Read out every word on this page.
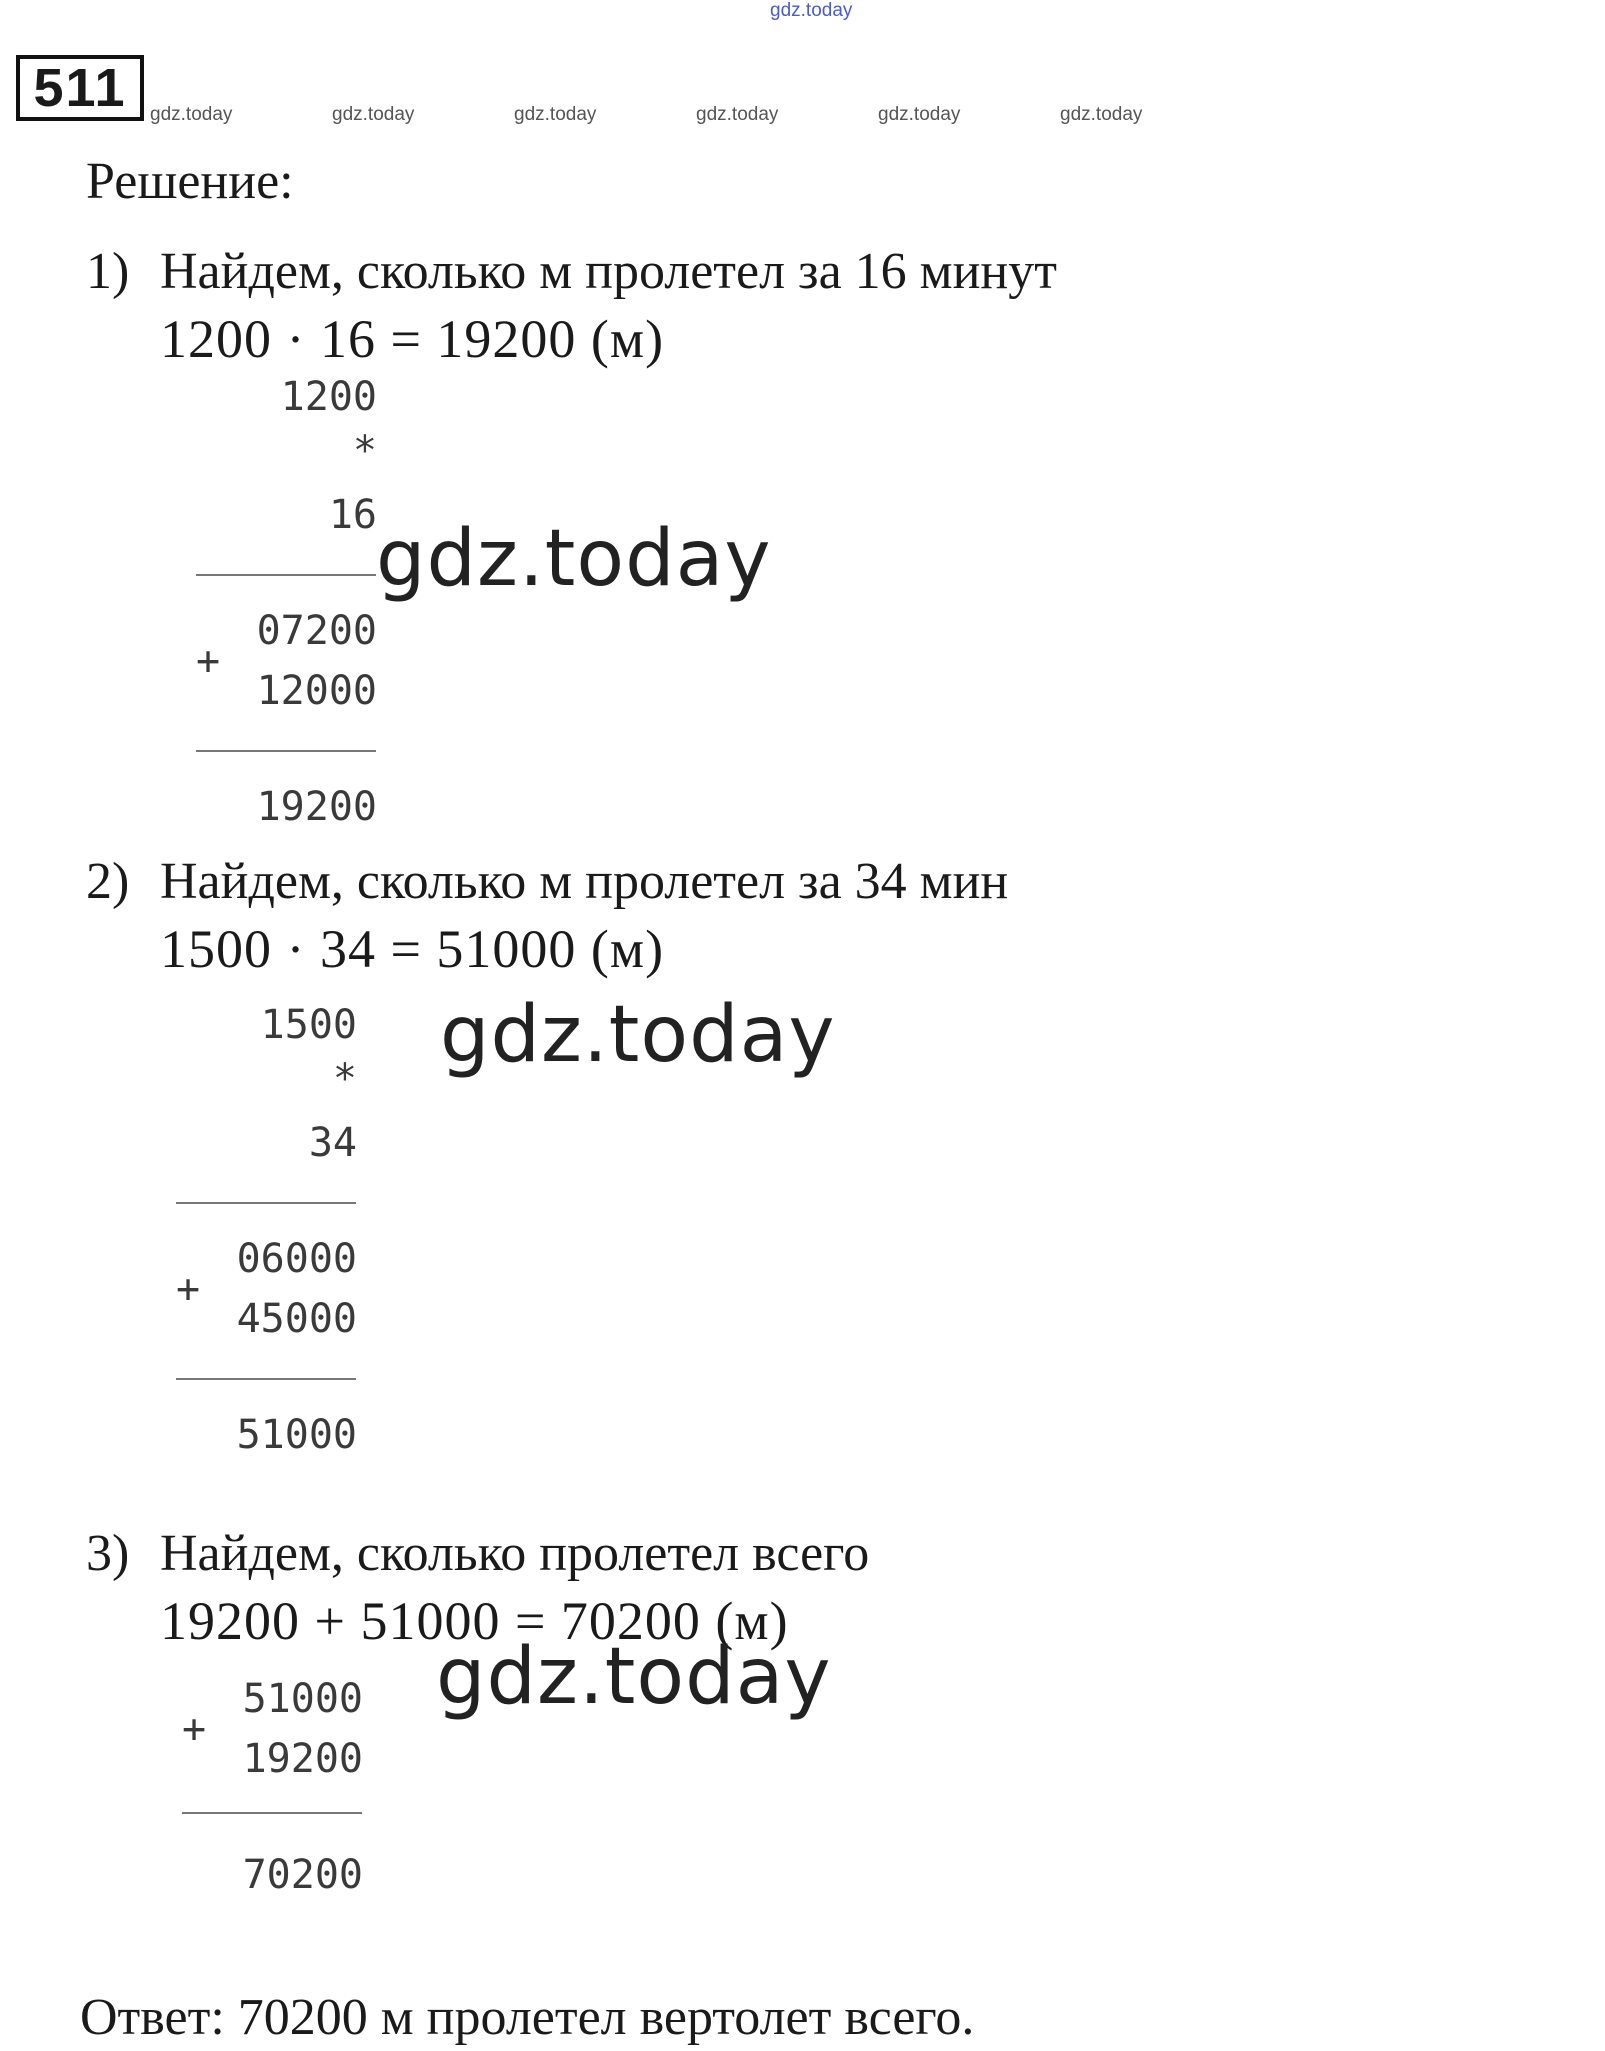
511
gdz.today
gdz.today	gdz.today	gdz.today	gdz.today	gdz.today	gdz.today
Решение:
1) Найдем, сколько м пролетел за 16 минут
1200 · 16 = 19200 (м)
1200
*
16 gdz.today
07200
+
12000
19200
2) Найдем, сколько м пролетел за 34 мин
1500 · 34 = 51000 (м)
1500
*
34
gdz.today
06000
+
45000
51000
3) Найдем, сколько пролетел всего
19200 + 51000 = 70200 (м)
gdz.today
51000
+
19200
70200
Ответ: 70200 м пролетел вертолет всего.
